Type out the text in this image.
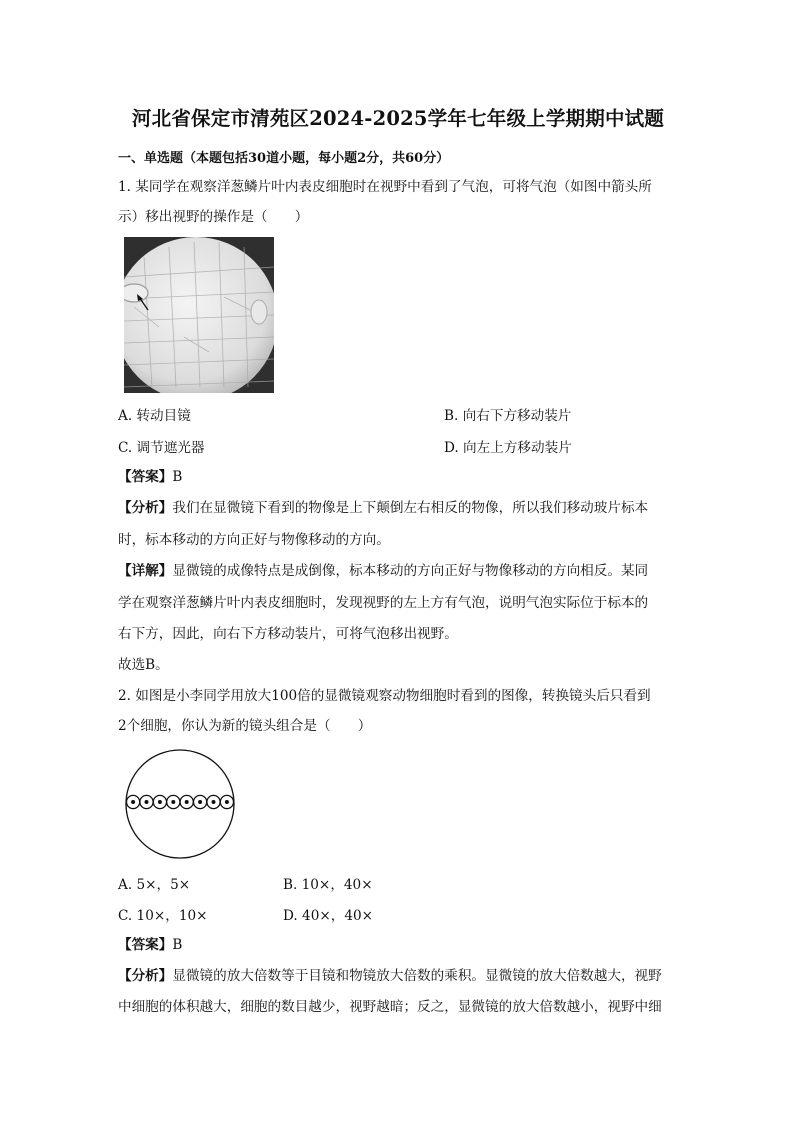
河北省保定市清苑区2024-2025学年七年级上学期期中试题
一、单选题（本题包括30道小题，每小题2分，共60分）
1. 某同学在观察洋葱鳞片叶内表皮细胞时在视野中看到了气泡，可将气泡（如图中箭头所
示）移出视野的操作是（　　）
A. 转动目镜	B. 向右下方移动装片
C. 调节遮光器	D. 向左上方移动装片
【答案】B
【分析】我们在显微镜下看到的物像是上下颠倒左右相反的物像，所以我们移动玻片标本
时，标本移动的方向正好与物像移动的方向。
【详解】显微镜的成像特点是成倒像，标本移动的方向正好与物像移动的方向相反。某同
学在观察洋葱鳞片叶内表皮细胞时，发现视野的左上方有气泡，说明气泡实际位于标本的
右下方，因此，向右下方移动装片，可将气泡移出视野。
故选B。
2. 如图是小李同学用放大100倍的显微镜观察动物细胞时看到的图像，转换镜头后只看到
2个细胞，你认为新的镜头组合是（　　）
A. 5×，5×	B. 10×，40×
C. 10×，10×	D. 40×，40×
【答案】B
【分析】显微镜的放大倍数等于目镜和物镜放大倍数的乘积。显微镜的放大倍数越大，视野
中细胞的体积越大，细胞的数目越少，视野越暗；反之，显微镜的放大倍数越小，视野中细
